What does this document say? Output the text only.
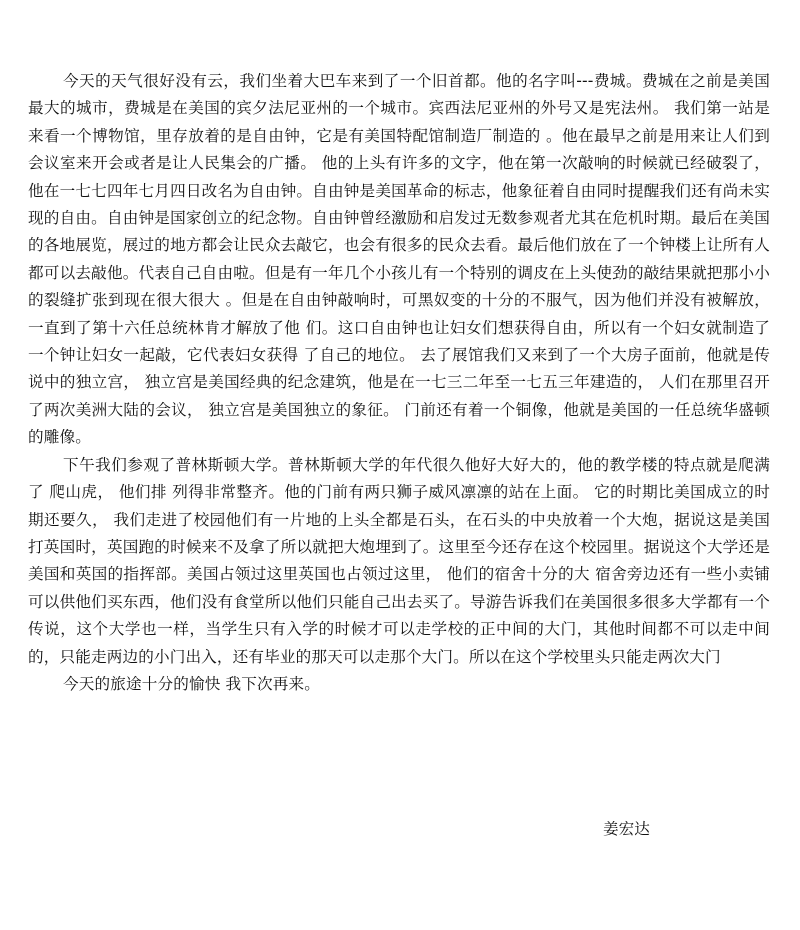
今天的天气很好没有云，我们坐着大巴车来到了一个旧首都。他的名字叫---费城。费城在之前是美国 最大的城市，费城是在美国的宾夕法尼亚州的一个城市。宾西法尼亚州的外号又是宪法州。 我们第一站是来看一个博物馆，里存放着的是自由钟，它是有美国特配馆制造厂制造的 。他在最早之前是用来让人们到会议室来开会或者是让人民集会的广播。 他的上头有许多的文字，他在第一次敲响的时候就已经破裂了，他在一七七四年七月四日改名为自由钟。自由钟是美国革命的标志，他象征着自由同时提醒我们还有尚未实现的自由。自由钟是国家创立的纪念物。自由钟曾经激励和启发过无数参观者尤其在危机时期。最后在美国的各地展览，展过的地方都会让民众去敲它，也会有很多的民众去看。最后他们放在了一个钟楼上让所有人都可以去敲他。代表自己自由啦。但是有一年几个小孩儿有一个特别的调皮在上头使劲的敲结果就把那小小的裂缝扩张到现在很大很大 。但是在自由钟敲响时，可黑奴变的十分的不服气，因为他们并没有被解放，一直到了第十六任总统林肯才解放了他 们。这口自由钟也让妇女们想获得自由，所以有一个妇女就制造了一个钟让妇女一起敲，它代表妇女获得 了自己的地位。 去了展馆我们又来到了一个大房子面前，他就是传说中的独立宫， 独立宫是美国经典的纪念建筑，他是在一七三二年至一七五三年建造的， 人们在那里召开了两次美洲大陆的会议， 独立宫是美国独立的象征。 门前还有着一个铜像，他就是美国的一任总统华盛顿的雕像。

下午我们参观了普林斯顿大学。普林斯顿大学的年代很久他好大好大的，他的教学楼的特点就是爬满了 爬山虎， 他们排 列得非常整齐。他的门前有两只狮子威风凛凛的站在上面。 它的时期比美国成立的时期还要久， 我们走进了校园他们有一片地的上头全都是石头，在石头的中央放着一个大炮，据说这是美国打英国时，英国跑的时候来不及拿了所以就把大炮埋到了。这里至今还存在这个校园里。据说这个大学还是美国和英国的指挥部。美国占领过这里英国也占领过这里， 他们的宿舍十分的大 宿舍旁边还有一些小卖铺可以供他们买东西，他们没有食堂所以他们只能自己出去买了。导游告诉我们在美国很多很多大学都有一个传说，这个大学也一样，当学生只有入学的时候才可以走学校的正中间的大门，其他时间都不可以走中间的，只能走两边的小门出入，还有毕业的那天可以走那个大门。所以在这个学校里头只能走两次大门

今天的旅途十分的愉快 我下次再来。

姜宏达
